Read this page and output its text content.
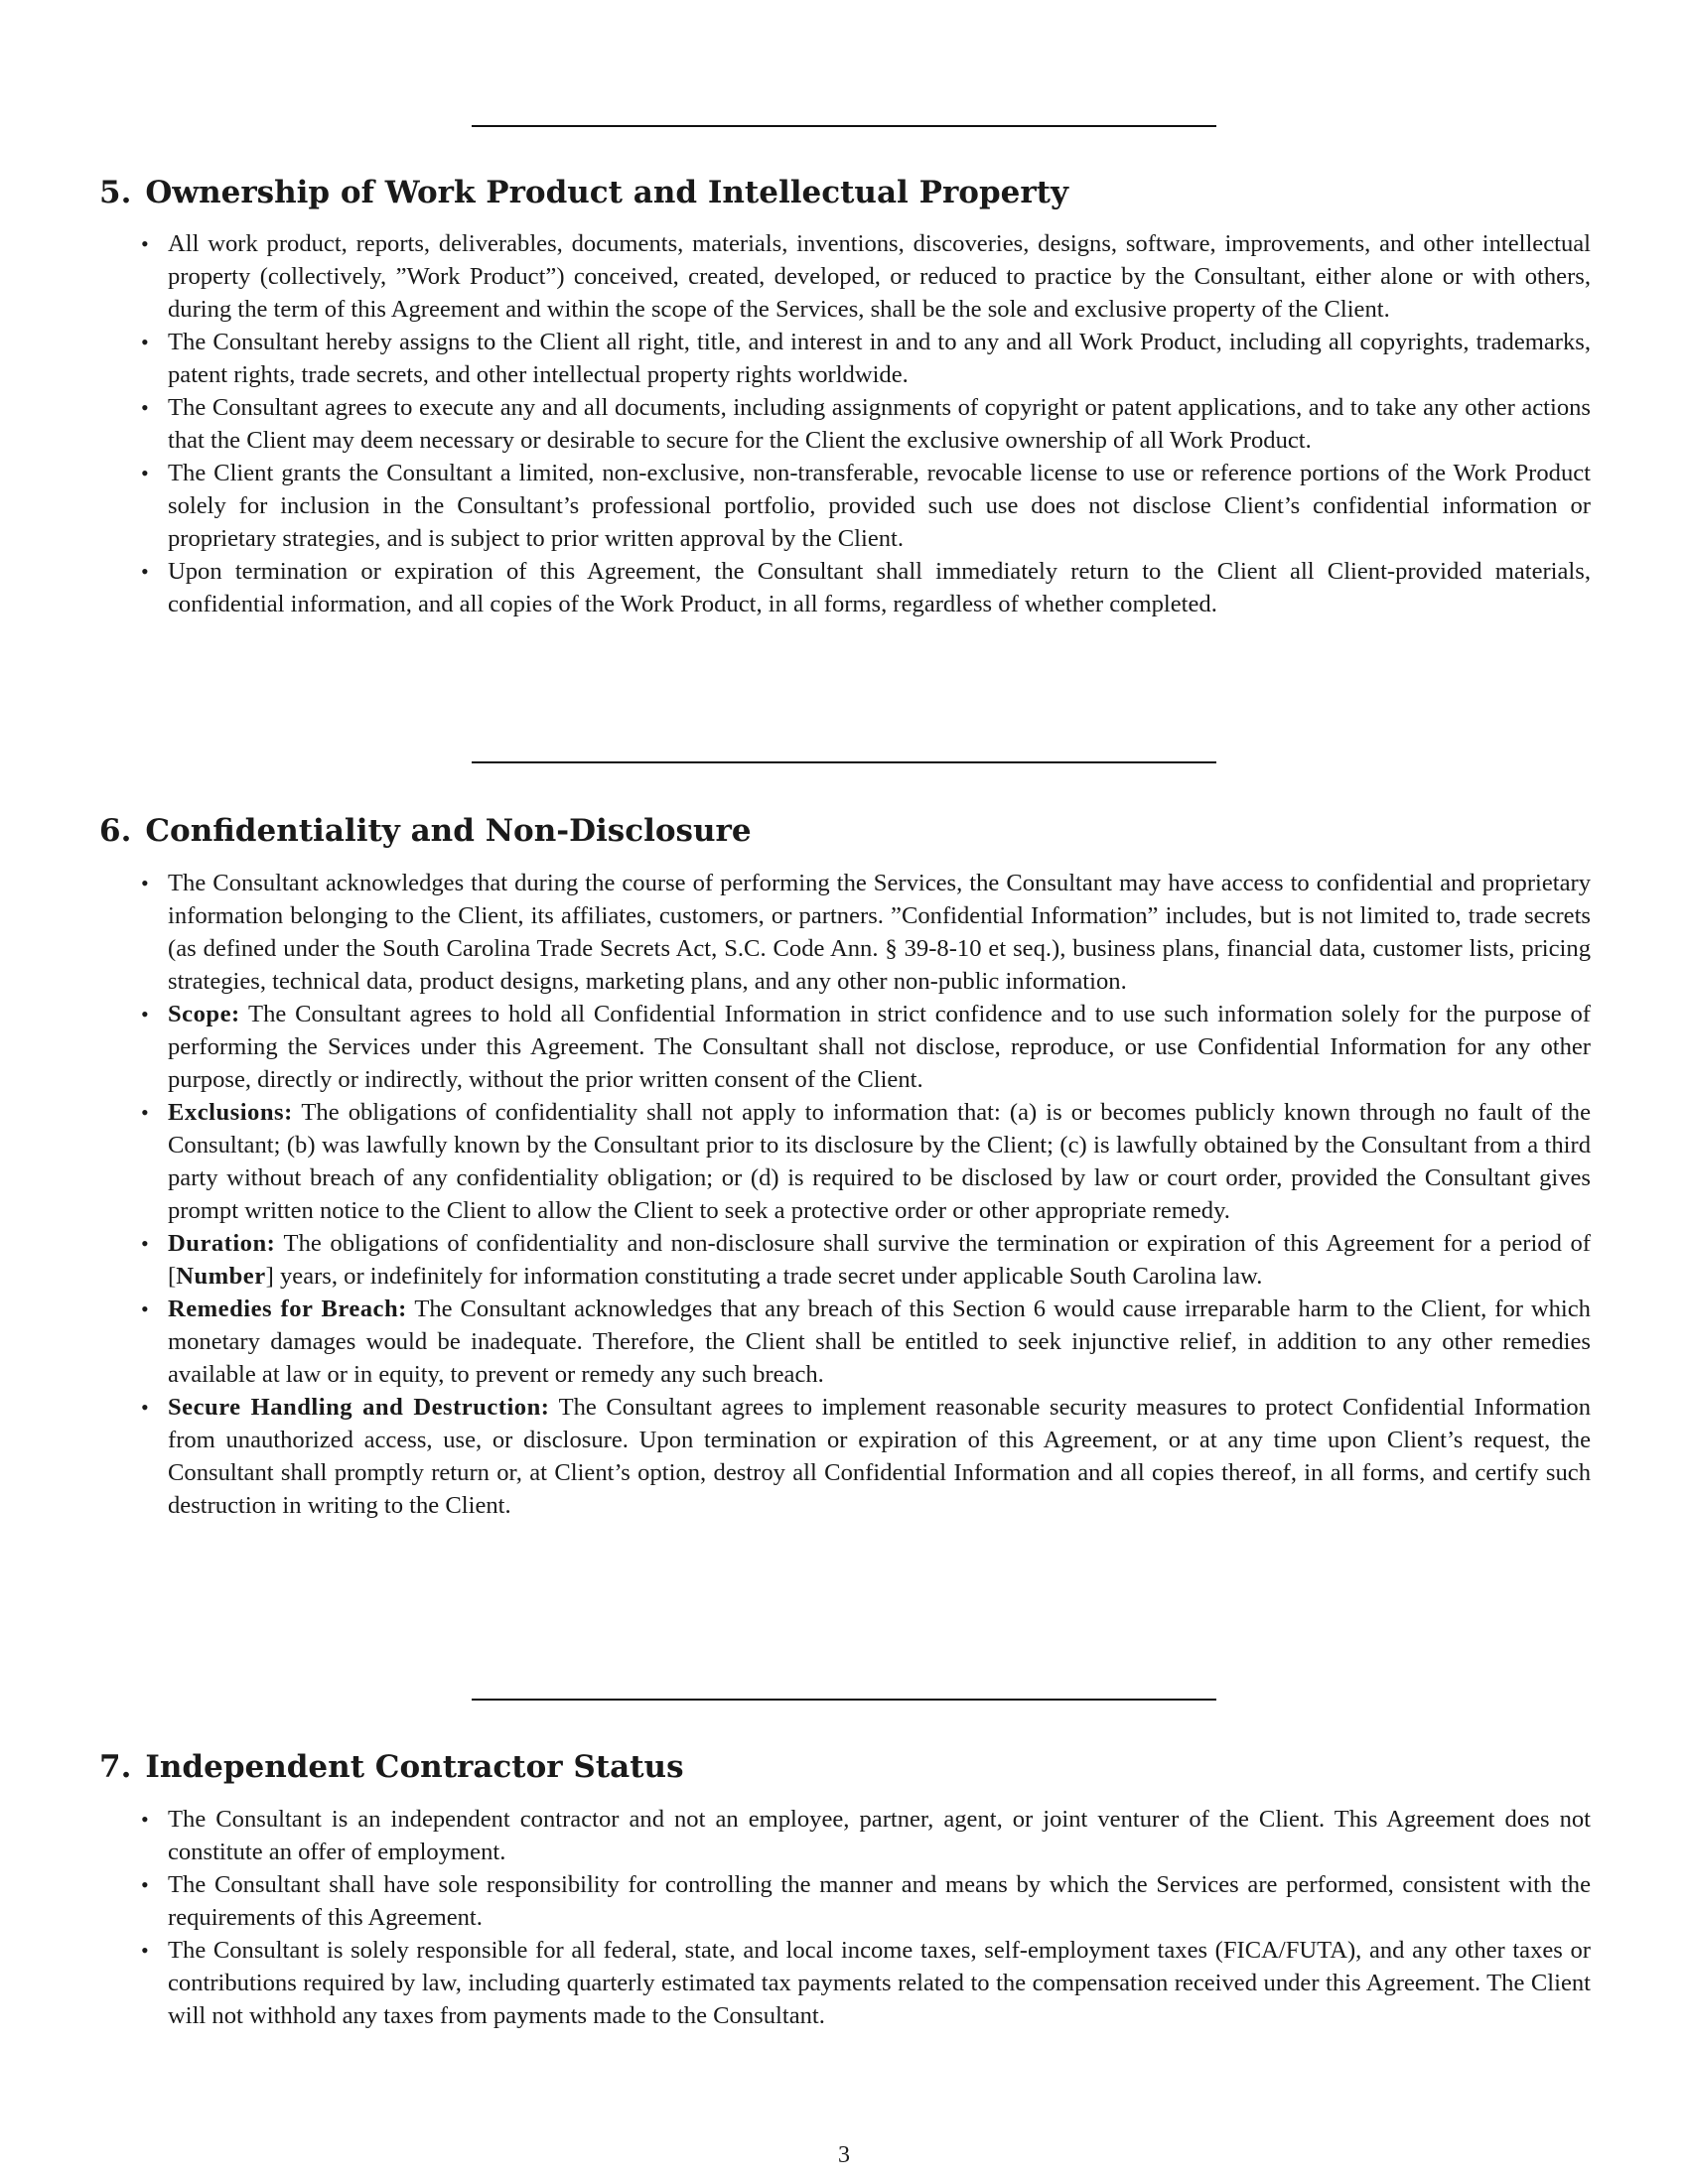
5. Ownership of Work Product and Intellectual Property
• All work product, reports, deliverables, documents, materials, inventions, discoveries, designs, software, improvements, and other intellectual property (collectively, ”Work Product”) conceived, created, developed, or reduced to practice by the Consultant, either alone or with others, during the term of this Agreement and within the scope of the Services, shall be the sole and exclusive property of the Client.
• The Consultant hereby assigns to the Client all right, title, and interest in and to any and all Work Product, including all copyrights, trademarks, patent rights, trade secrets, and other intellectual property rights worldwide.
• The Consultant agrees to execute any and all documents, including assignments of copyright or patent applications, and to take any other actions that the Client may deem necessary or desirable to secure for the Client the exclusive ownership of all Work Product.
• The Client grants the Consultant a limited, non-exclusive, non-transferable, revocable license to use or reference portions of the Work Product solely for inclusion in the Consultant’s professional portfolio, provided such use does not disclose Client’s confidential information or proprietary strategies, and is subject to prior written approval by the Client.
• Upon termination or expiration of this Agreement, the Consultant shall immediately return to the Client all Client-provided materials, confidential information, and all copies of the Work Product, in all forms, regardless of whether completed.
6. Confidentiality and Non-Disclosure
• The Consultant acknowledges that during the course of performing the Services, the Consultant may have access to confidential and proprietary information belonging to the Client, its affiliates, customers, or partners. ”Confidential Information” includes, but is not limited to, trade secrets (as defined under the South Carolina Trade Secrets Act, S.C. Code Ann. § 39-8-10 et seq.), business plans, financial data, customer lists, pricing strategies, technical data, product designs, marketing plans, and any other non-public information.
• Scope: The Consultant agrees to hold all Confidential Information in strict confidence and to use such information solely for the purpose of performing the Services under this Agreement. The Consultant shall not disclose, reproduce, or use Confidential Information for any other purpose, directly or indirectly, without the prior written consent of the Client.
• Exclusions: The obligations of confidentiality shall not apply to information that: (a) is or becomes publicly known through no fault of the Consultant; (b) was lawfully known by the Consultant prior to its disclosure by the Client; (c) is lawfully obtained by the Consultant from a third party without breach of any confidentiality obligation; or (d) is required to be disclosed by law or court order, provided the Consultant gives prompt written notice to the Client to allow the Client to seek a protective order or other appropriate remedy.
• Duration: The obligations of confidentiality and non-disclosure shall survive the termination or expiration of this Agreement for a period of [Number] years, or indefinitely for information constituting a trade secret under applicable South Carolina law.
• Remedies for Breach: The Consultant acknowledges that any breach of this Section 6 would cause irreparable harm to the Client, for which monetary damages would be inadequate. Therefore, the Client shall be entitled to seek injunctive relief, in addition to any other remedies available at law or in equity, to prevent or remedy any such breach.
• Secure Handling and Destruction: The Consultant agrees to implement reasonable security measures to protect Confidential Information from unauthorized access, use, or disclosure. Upon termination or expiration of this Agreement, or at any time upon Client’s request, the Consultant shall promptly return or, at Client’s option, destroy all Confidential Information and all copies thereof, in all forms, and certify such destruction in writing to the Client.
7. Independent Contractor Status
• The Consultant is an independent contractor and not an employee, partner, agent, or joint venturer of the Client. This Agreement does not constitute an offer of employment.
• The Consultant shall have sole responsibility for controlling the manner and means by which the Services are performed, consistent with the requirements of this Agreement.
• The Consultant is solely responsible for all federal, state, and local income taxes, self-employment taxes (FICA/FUTA), and any other taxes or contributions required by law, including quarterly estimated tax payments related to the compensation received under this Agreement. The Client will not withhold any taxes from payments made to the Consultant.
3
